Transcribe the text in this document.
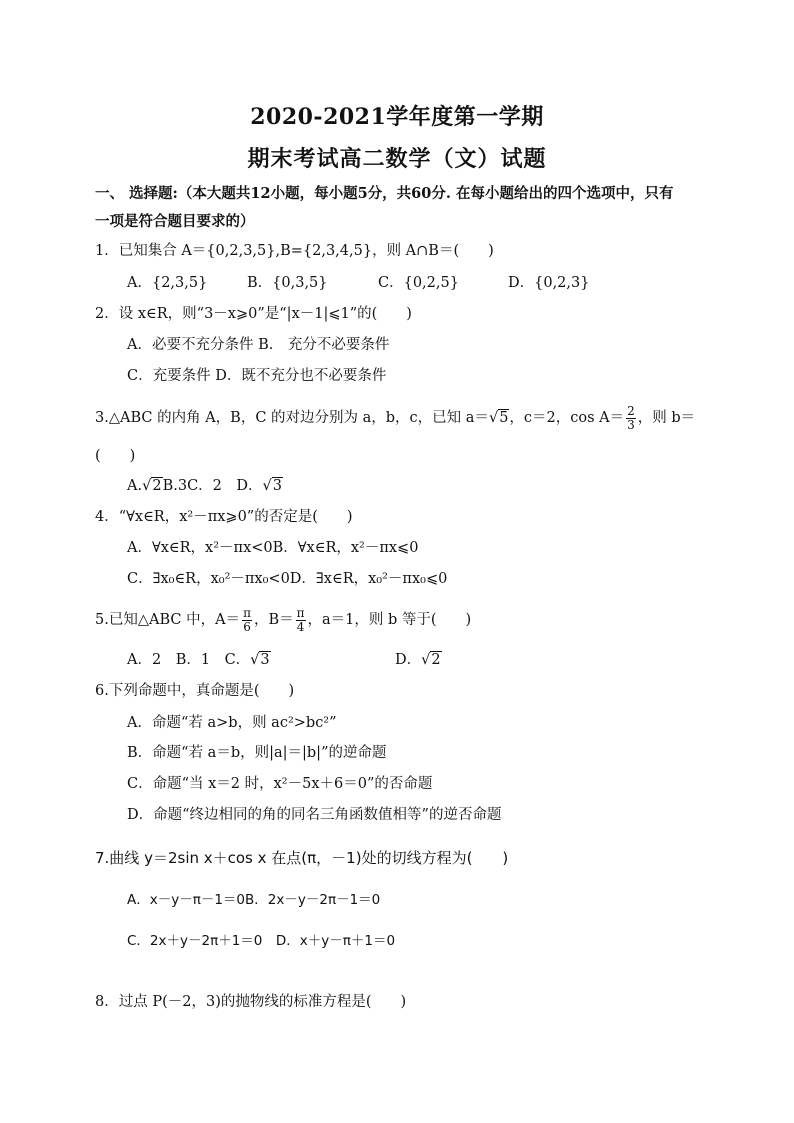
2020-2021学年度第一学期
期末考试高二数学（文）试题
一、 选择题:（本大题共12小题，每小题5分，共60分. 在每小题给出的四个选项中，只有
一项是符合题目要求的）
1．已知集合 A＝{0,2,3,5},B={2,3,4,5}，则 A∩B＝(　　)
A．{2,3,5}	B．{0,3,5}	C．{0,2,5}	D．{0,2,3}
2．设 x∈R，则“3－x⩾0”是“|x－1|⩽1”的(　　)
A．必要不充分条件 B.　充分不必要条件
C．充要条件 D．既不充分也不必要条件
3.△ABC 的内角 A，B，C 的对边分别为 a，b，c，已知 a＝√5，c＝2，$\cos A= \frac{2}{3}$ ，则 b＝
(　　)
A.√2B.3C．2　D．√3
4．“∀x∈R，x²－πx⩾0”的否定是(　　)
A．∀x∈R，x²－πx<0B．∀x∈R，x²－πx⩽0
C．∃x₀∈R，x₀²－πx₀<0D．∃x∈R，x₀²－πx₀⩽0
5.已知△ABC 中，$A= \frac{\pi}{6}$ ，$B= \frac{\pi}{4}$ ，a＝1，则 b 等于(　　)
A．2　B．1　C．√3	D．√2
6.下列命题中，真命题是(　　)
A．命题“若 a>b，则 ac²>bc²”
B．命题“若 a＝b，则|a|＝|b|”的逆命题
C．命题“当 x＝2 时，x²－5x＋6＝0”的否命题
D．命题“终边相同的角的同名三角函数值相等”的逆否命题
7.曲线 y＝2sin x＋cos x 在点(π，－1)处的切线方程为(　　)
A．x－y－π－1＝0B．2x－y－2π－1＝0
C．2x＋y－2π＋1＝0　D．x＋y－π＋1＝0
8．过点 P(－2，3)的抛物线的标准方程是(　　)
